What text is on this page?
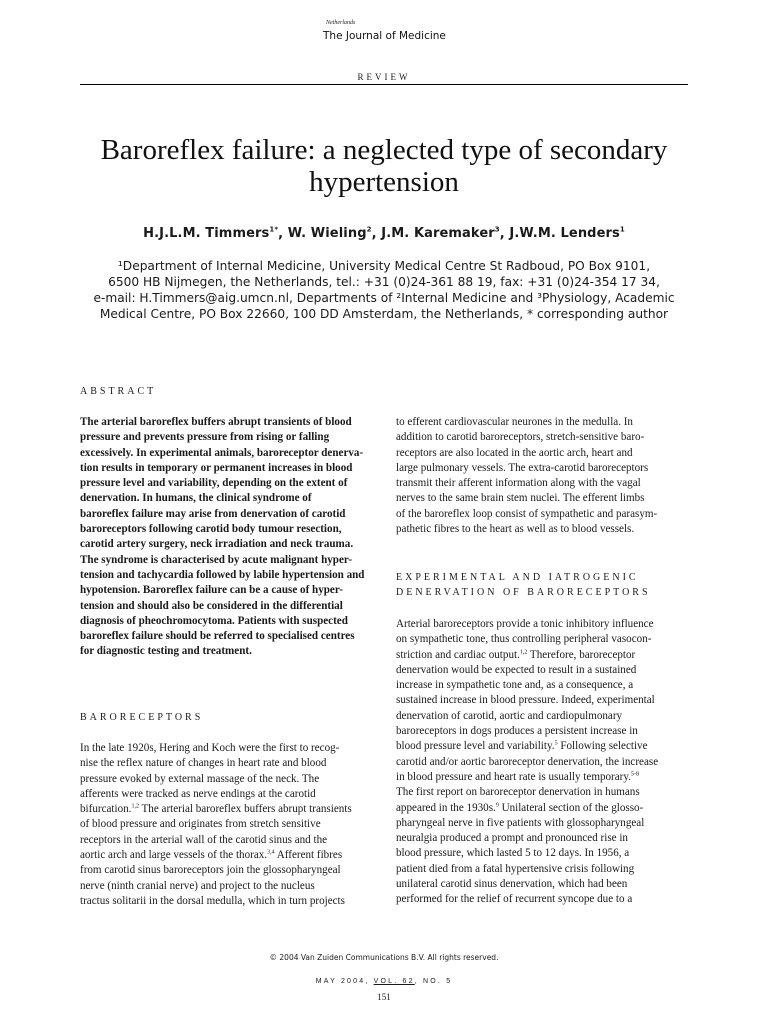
Netherlands
The Journal of Medicine
REVIEW
Baroreflex failure: a neglected type of secondary hypertension
H.J.L.M. Timmers$^{1*}$, W. Wieling$^2$, J.M. Karemaker$^3$, J.W.M. Lenders$^1$
¹Department of Internal Medicine, University Medical Centre St Radboud, PO Box 9101,
6500 HB Nijmegen, the Netherlands, tel.: +31 (0)24-361 88 19, fax: +31 (0)24-354 17 34,
e-mail: H.Timmers@aig.umcn.nl, Departments of ²Internal Medicine and ³Physiology, Academic
Medical Centre, PO Box 22660, 100 DD Amsterdam, the Netherlands, * corresponding author
ABSTRACT
The arterial baroreflex buffers abrupt transients of blood
pressure and prevents pressure from rising or falling
excessively. In experimental animals, baroreceptor denerva-
tion results in temporary or permanent increases in blood
pressure level and variability, depending on the extent of
denervation. In humans, the clinical syndrome of
baroreflex failure may arise from denervation of carotid
baroreceptors following carotid body tumour resection,
carotid artery surgery, neck irradiation and neck trauma.
The syndrome is characterised by acute malignant hyper-
tension and tachycardia followed by labile hypertension and
hypotension. Baroreflex failure can be a cause of hyper-
tension and should also be considered in the differential
diagnosis of pheochromocytoma. Patients with suspected
baroreflex failure should be referred to specialised centres
for diagnostic testing and treatment.
BARORECEPTORS
In the late 1920s, Hering and Koch were the first to recog-
nise the reflex nature of changes in heart rate and blood
pressure evoked by external massage of the neck. The
afferents were tracked as nerve endings at the carotid
bifurcation.$^{1,2}$ The arterial baroreflex buffers abrupt transients
of blood pressure and originates from stretch sensitive
receptors in the arterial wall of the carotid sinus and the
aortic arch and large vessels of the thorax.$^{3,4}$ Afferent fibres
from carotid sinus baroreceptors join the glossopharyngeal
nerve (ninth cranial nerve) and project to the nucleus
tractus solitarii in the dorsal medulla, which in turn projects
to efferent cardiovascular neurones in the medulla. In
addition to carotid baroreceptors, stretch-sensitive baro-
receptors are also located in the aortic arch, heart and
large pulmonary vessels. The extra-carotid baroreceptors
transmit their afferent information along with the vagal
nerves to the same brain stem nuclei. The efferent limbs
of the baroreflex loop consist of sympathetic and parasym-
pathetic fibres to the heart as well as to blood vessels.
EXPERIMENTAL AND IATROGENIC
DENERVATION OF BARORECEPTORS
Arterial baroreceptors provide a tonic inhibitory influence
on sympathetic tone, thus controlling peripheral vasocon-
striction and cardiac output.$^{1,2}$ Therefore, baroreceptor
denervation would be expected to result in a sustained
increase in sympathetic tone and, as a consequence, a
sustained increase in blood pressure. Indeed, experimental
denervation of carotid, aortic and cardiopulmonary
baroreceptors in dogs produces a persistent increase in
blood pressure level and variability.$^5$ Following selective
carotid and/or aortic baroreceptor denervation, the increase
in blood pressure and heart rate is usually temporary.$^{5-8}$
The first report on baroreceptor denervation in humans
appeared in the 1930s.$^9$ Unilateral section of the glosso-
pharyngeal nerve in five patients with glossopharyngeal
neuralgia produced a prompt and pronounced rise in
blood pressure, which lasted 5 to 12 days. In 1956, a
patient died from a fatal hypertensive crisis following
unilateral carotid sinus denervation, which had been
performed for the relief of recurrent syncope due to a
© 2004 Van Zuiden Communications B.V. All rights reserved.
MAY 2004, VOL. 62, NO. 5
151
